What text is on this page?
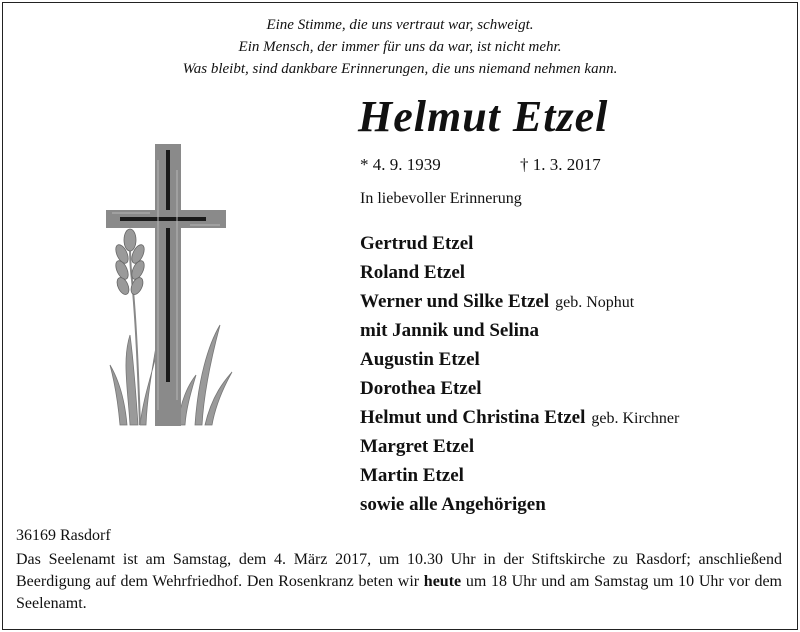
Eine Stimme, die uns vertraut war, schweigt.
Ein Mensch, der immer für uns da war, ist nicht mehr.
Was bleibt, sind dankbare Erinnerungen, die uns niemand nehmen kann.
Helmut Etzel
* 4. 9. 1939	† 1. 3. 2017
In liebevoller Erinnerung
Gertrud Etzel
Roland Etzel
Werner und Silke Etzel geb. Nophut
mit Jannik und Selina
Augustin Etzel
Dorothea Etzel
Helmut und Christina Etzel geb. Kirchner
Margret Etzel
Martin Etzel
sowie alle Angehörigen
36169 Rasdorf
Das Seelenamt ist am Samstag, dem 4. März 2017, um 10.30 Uhr in der Stiftskirche zu Rasdorf; anschließend Beerdigung auf dem Wehrfriedhof. Den Rosenkranz beten wir heute um 18 Uhr und am Samstag um 10 Uhr vor dem Seelenamt.
